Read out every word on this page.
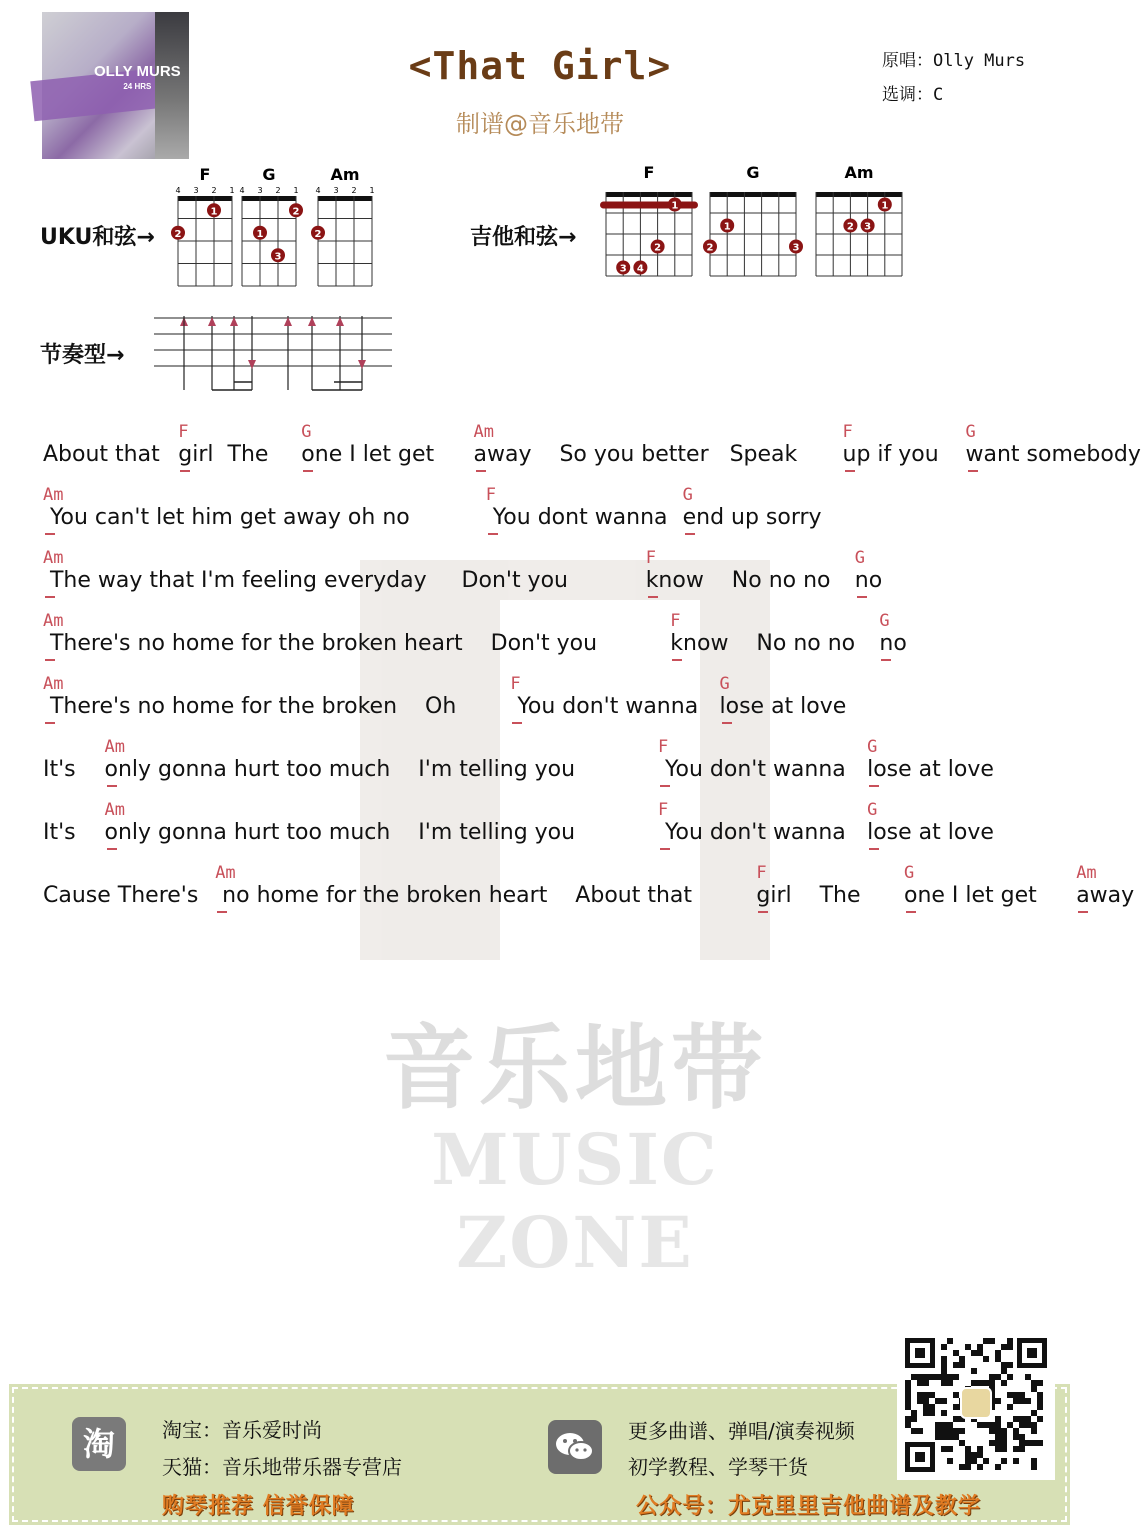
OLLY MURS
24 HRS	<That Girl>
制谱@音乐地带
原唱：Olly Murs
选调：C
UKU和弦→	吉他和弦→
节奏型→
F
4 3 2 1
2
1
G
4 3 2 1
1
2
3
Am
4 3 2 1
2
F
1
2
3 4
G
1
2	3
Am
1
2 3
音乐地带
MUSIC ZONE
About that
F
girl  The
G
one I let get
Am
away    So you better   Speak
F
up if you
G
want somebody
Am
You can't let him get away oh no
F
You dont wanna
G
end up sorry
Am
The way that I'm feeling everyday     Don't you
F
know    No no no
G
no
Am
There's no home for the broken heart    Don't you
F
know    No no no
G
no
Am
There's no home for the broken    Oh
F
You don't wanna
G
lose at love
It's
Am
only gonna hurt too much    I'm telling you
F
You don't wanna
G
lose at love
It's
Am
only gonna hurt too much    I'm telling you
F
You don't wanna
G
lose at love
Cause There's
Am
no home for the broken heart    About that
F
girl    The
G
one I let get
Am
away
淘	淘宝：音乐爱时尚
天猫：音乐地带乐器专营店
购琴推荐 信誉保障
更多曲谱、弹唱/演奏视频
初学教程、学琴干货
公众号：尤克里里吉他曲谱及教学
